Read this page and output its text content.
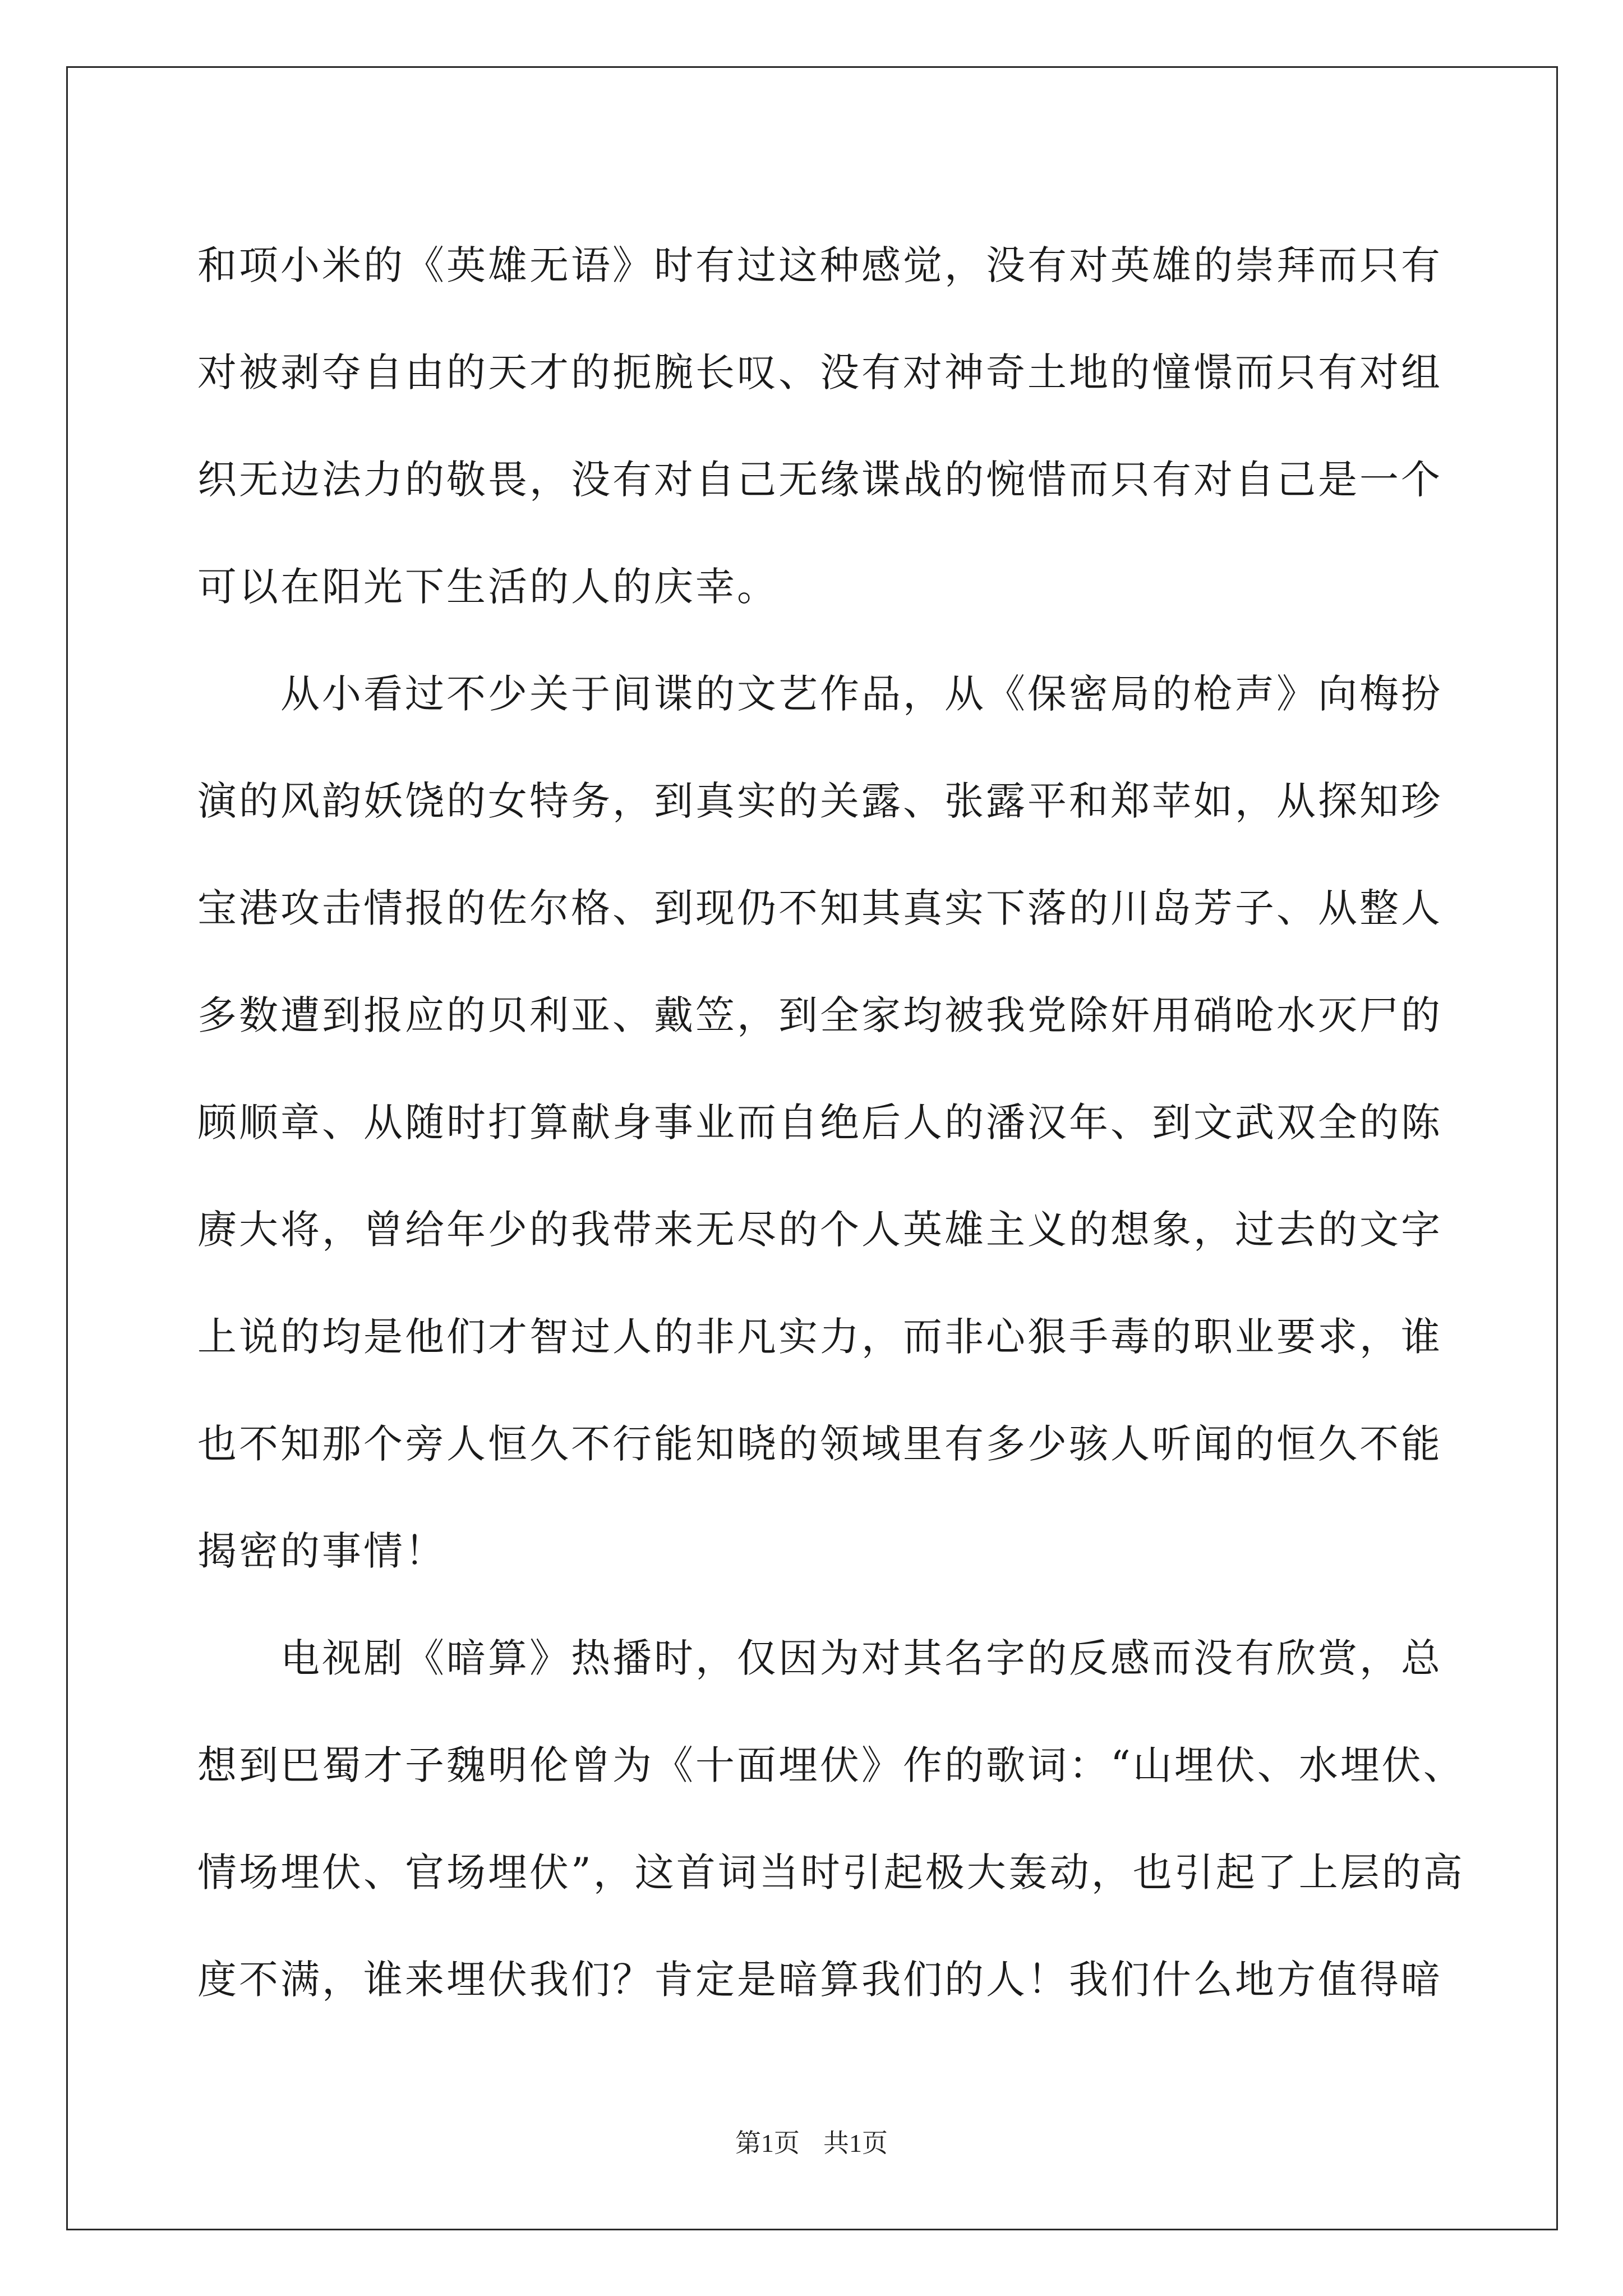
和项小米的《英雄无语》时有过这种感觉，没有对英雄的崇拜而只有
对被剥夺自由的天才的扼腕长叹、没有对神奇土地的憧憬而只有对组
织无边法力的敬畏，没有对自己无缘谍战的惋惜而只有对自己是一个
可以在阳光下生活的人的庆幸。

　　从小看过不少关于间谍的文艺作品，从《保密局的枪声》向梅扮
演的风韵妖饶的女特务，到真实的关露、张露平和郑苹如，从探知珍
宝港攻击情报的佐尔格、到现仍不知其真实下落的川岛芳子、从整人
多数遭到报应的贝利亚、戴笠，到全家均被我党除奸用硝呛水灭尸的
顾顺章、从随时打算献身事业而自绝后人的潘汉年、到文武双全的陈
赓大将，曾给年少的我带来无尽的个人英雄主义的想象，过去的文字
上说的均是他们才智过人的非凡实力，而非心狠手毒的职业要求，谁
也不知那个旁人恒久不行能知晓的领域里有多少骇人听闻的恒久不能
揭密的事情！

　　电视剧《暗算》热播时，仅因为对其名字的反感而没有欣赏，总
想到巴蜀才子魏明伦曾为《十面埋伏》作的歌词：“山埋伏、水埋伏、
情场埋伏、官场埋伏”，这首词当时引起极大轰动，也引起了上层的高
度不满，谁来埋伏我们？肯定是暗算我们的人！我们什么地方值得暗

第1页 共1页
